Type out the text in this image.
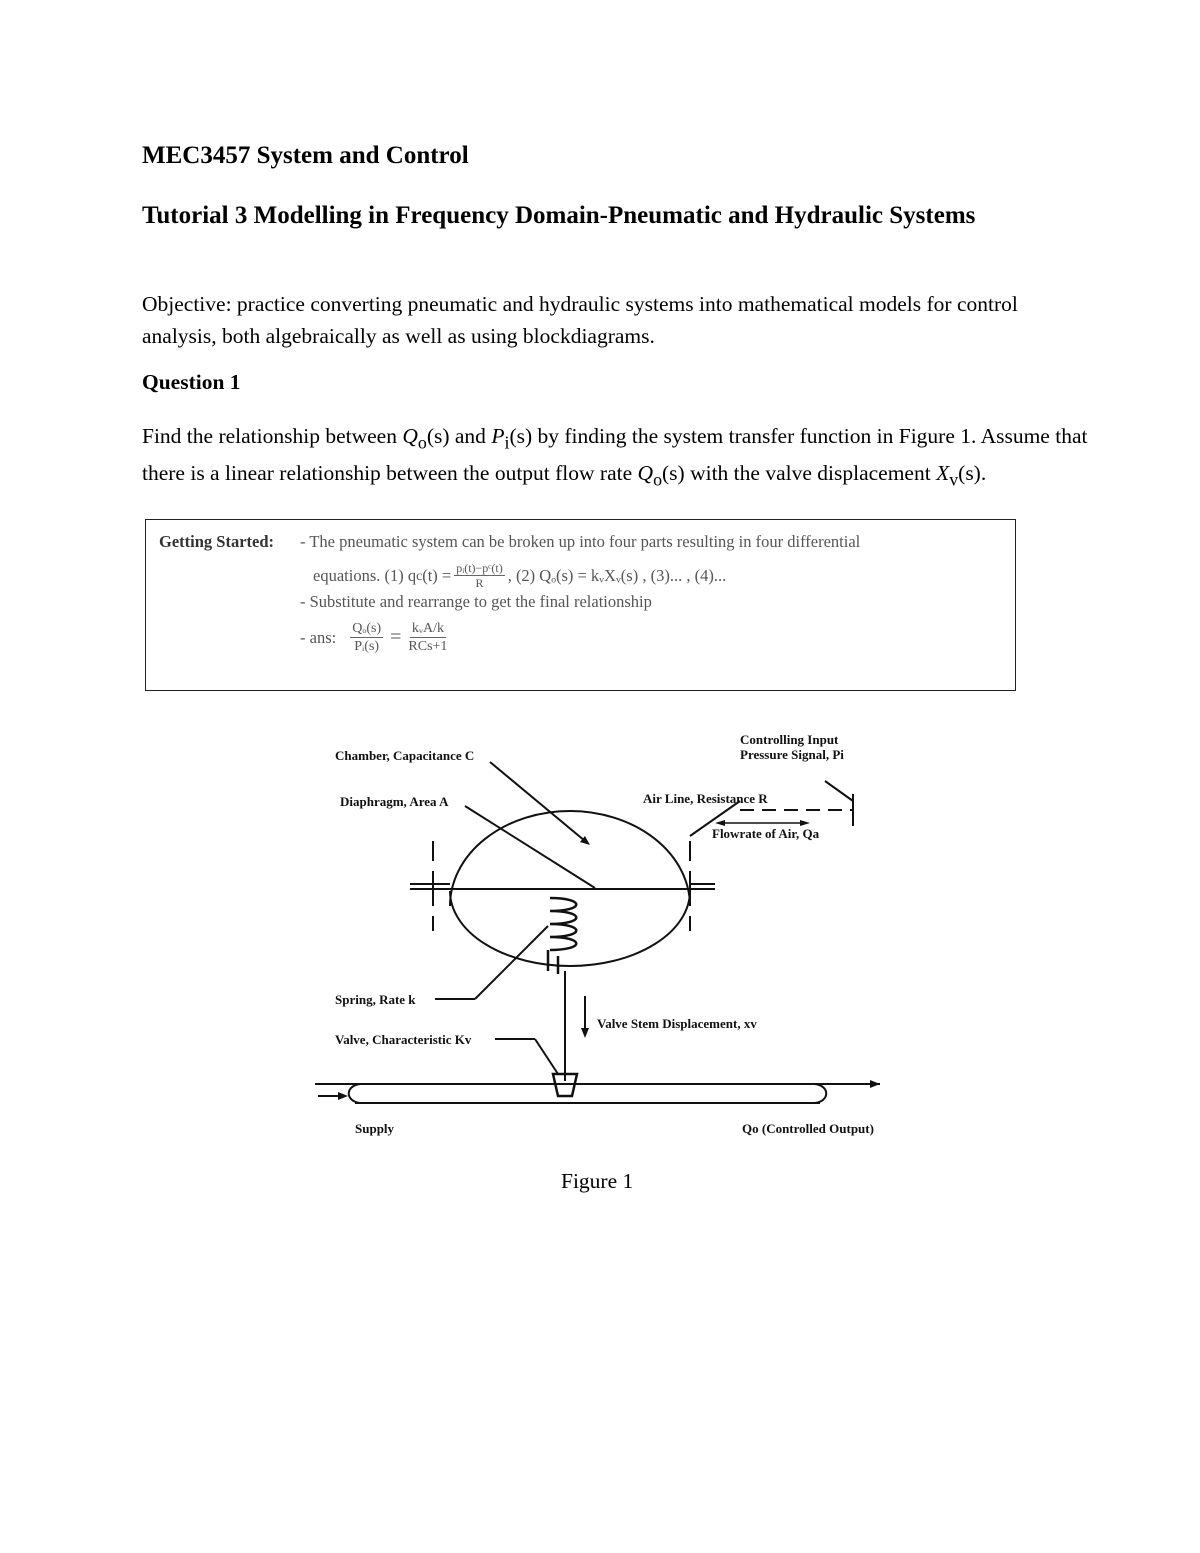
MEC3457 System and Control
Tutorial 3 Modelling in Frequency Domain-Pneumatic and Hydraulic Systems
Objective: practice converting pneumatic and hydraulic systems into mathematical models for control analysis, both algebraically as well as using blockdiagrams.
Question 1
Find the relationship between $Q_o(s)$ and $P_i(s)$ by finding the system transfer function in Figure 1. Assume that there is a linear relationship between the output flow rate $Q_o(s)$ with the valve displacement $X_v(s)$.
Getting Started: - The pneumatic system can be broken up into four parts resulting in four differential
equations. (1) q c $(t) = \frac{\text{pᵢ(t)−pᶜ(t)}}{R}$ , (2) Qₒ(s) = kᵥXᵥ(s) , (3)... , (4)...
- Substitute and rearrange to get the final relationship
- ans: $\frac{\text{Qₒ(s)}}{\text{Pᵢ(s)}} = \frac{\text{kᵥA/k}}{\text{RCs+1}}$
Chamber, Capacitance C
Diaphragm, Area A
Controlling Input
Pressure Signal, Pi
Air Line, Resistance R
Flowrate of Air, Qa
Spring, Rate k
Valve Stem Displacement, xv
Valve, Characteristic Kv
Supply	Qo (Controlled Output)
Figure 1
